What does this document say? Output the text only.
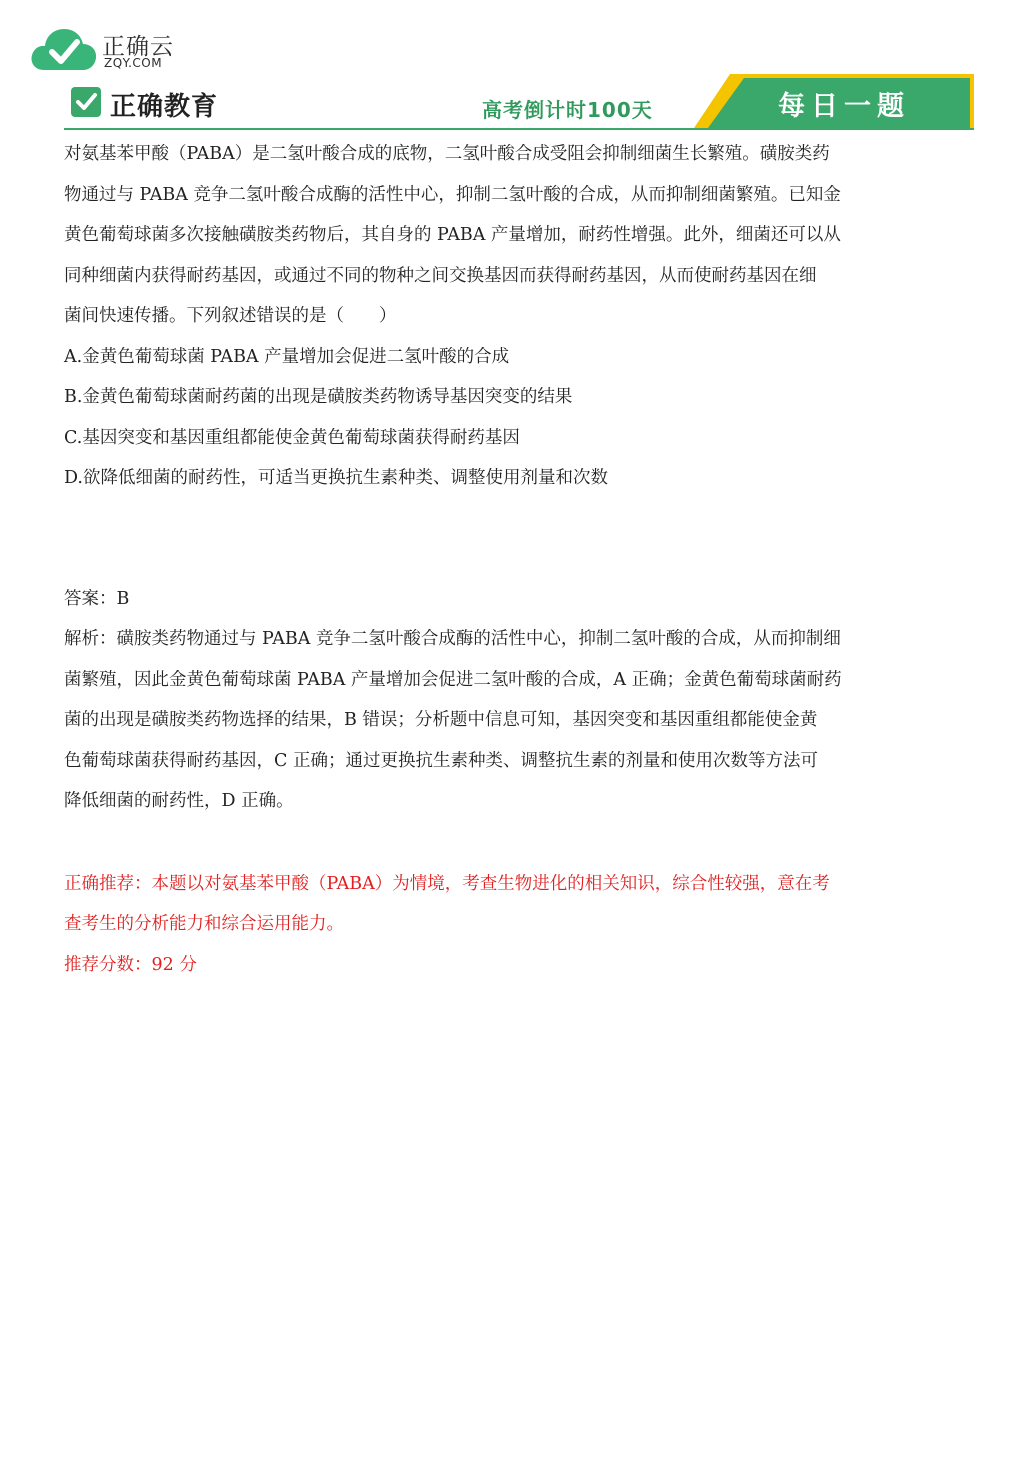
正确云
ZQY.COM
正确教育	高考倒计时100天	每日一题

对氨基苯甲酸（PABA）是二氢叶酸合成的底物，二氢叶酸合成受阻会抑制细菌生长繁殖。磺胺类药

物通过与 PABA 竞争二氢叶酸合成酶的活性中心，抑制二氢叶酸的合成，从而抑制细菌繁殖。已知金

黄色葡萄球菌多次接触磺胺类药物后，其自身的 PABA 产量增加，耐药性增强。此外，细菌还可以从

同种细菌内获得耐药基因，或通过不同的物种之间交换基因而获得耐药基因，从而使耐药基因在细

菌间快速传播。下列叙述错误的是（　　）

A.金黄色葡萄球菌 PABA 产量增加会促进二氢叶酸的合成

B.金黄色葡萄球菌耐药菌的出现是磺胺类药物诱导基因突变的结果

C.基因突变和基因重组都能使金黄色葡萄球菌获得耐药基因

D.欲降低细菌的耐药性，可适当更换抗生素种类、调整使用剂量和次数

答案：B

解析：磺胺类药物通过与 PABA 竞争二氢叶酸合成酶的活性中心，抑制二氢叶酸的合成，从而抑制细

菌繁殖，因此金黄色葡萄球菌 PABA 产量增加会促进二氢叶酸的合成，A 正确；金黄色葡萄球菌耐药

菌的出现是磺胺类药物选择的结果，B 错误；分析题中信息可知，基因突变和基因重组都能使金黄

色葡萄球菌获得耐药基因，C 正确；通过更换抗生素种类、调整抗生素的剂量和使用次数等方法可

降低细菌的耐药性，D 正确。

正确推荐：本题以对氨基苯甲酸（PABA）为情境，考查生物进化的相关知识，综合性较强，意在考

查考生的分析能力和综合运用能力。

推荐分数：92 分
